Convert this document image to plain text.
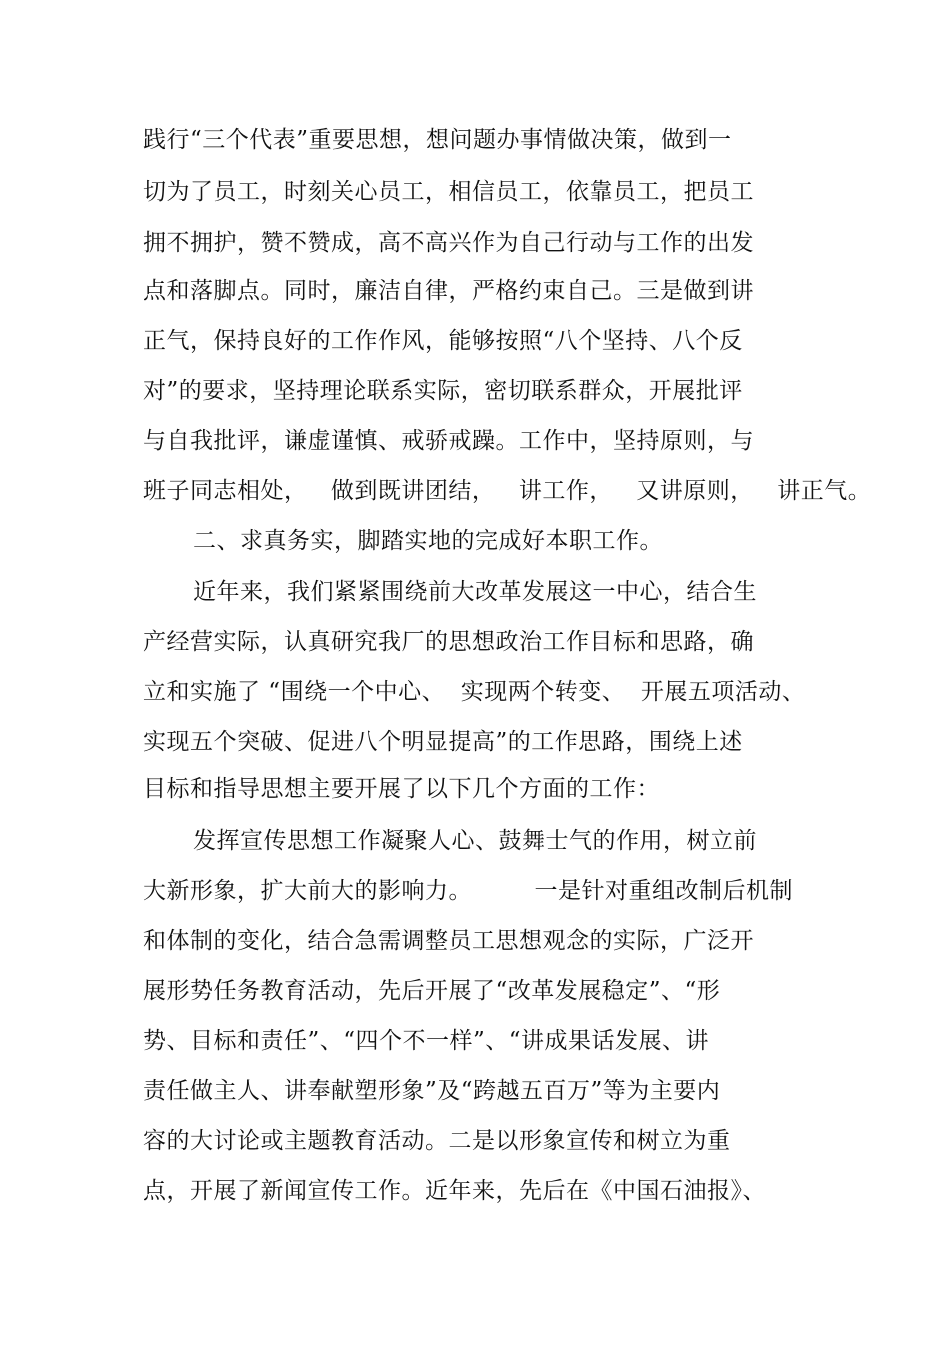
践行“三个代表”重要思想，想问题办事情做决策，做到一
切为了员工，时刻关心员工，相信员工，依靠员工，把员工
拥不拥护，赞不赞成，高不高兴作为自己行动与工作的出发
点和落脚点。同时，廉洁自律，严格约束自己。三是做到讲
正气，保持良好的工作作风，能够按照“八个坚持、八个反
对”的要求，坚持理论联系实际，密切联系群众，开展批评
与自我批评，谦虚谨慎、戒骄戒躁。工作中，坚持原则，与
班子同志相处，   做到既讲团结，   讲工作，   又讲原则，   讲正气。
二、求真务实，脚踏实地的完成好本职工作。
近年来，我们紧紧围绕前大改革发展这一中心，结合生
产经营实际，认真研究我厂的思想政治工作目标和思路，确
立和实施了 “围绕一个中心、  实现两个转变、  开展五项活动、
实现五个突破、促进八个明显提高”的工作思路，围绕上述
目标和指导思想主要开展了以下几个方面的工作：
发挥宣传思想工作凝聚人心、鼓舞士气的作用，树立前
大新形象，扩大前大的影响力。        一是针对重组改制后机制
和体制的变化，结合急需调整员工思想观念的实际，广泛开
展形势任务教育活动，先后开展了“改革发展稳定”、“形
势、目标和责任”、“四个不一样”、“讲成果话发展、讲
责任做主人、讲奉献塑形象”及“跨越五百万”等为主要内
容的大讨论或主题教育活动。二是以形象宣传和树立为重
点，开展了新闻宣传工作。近年来，先后在《中国石油报》、
